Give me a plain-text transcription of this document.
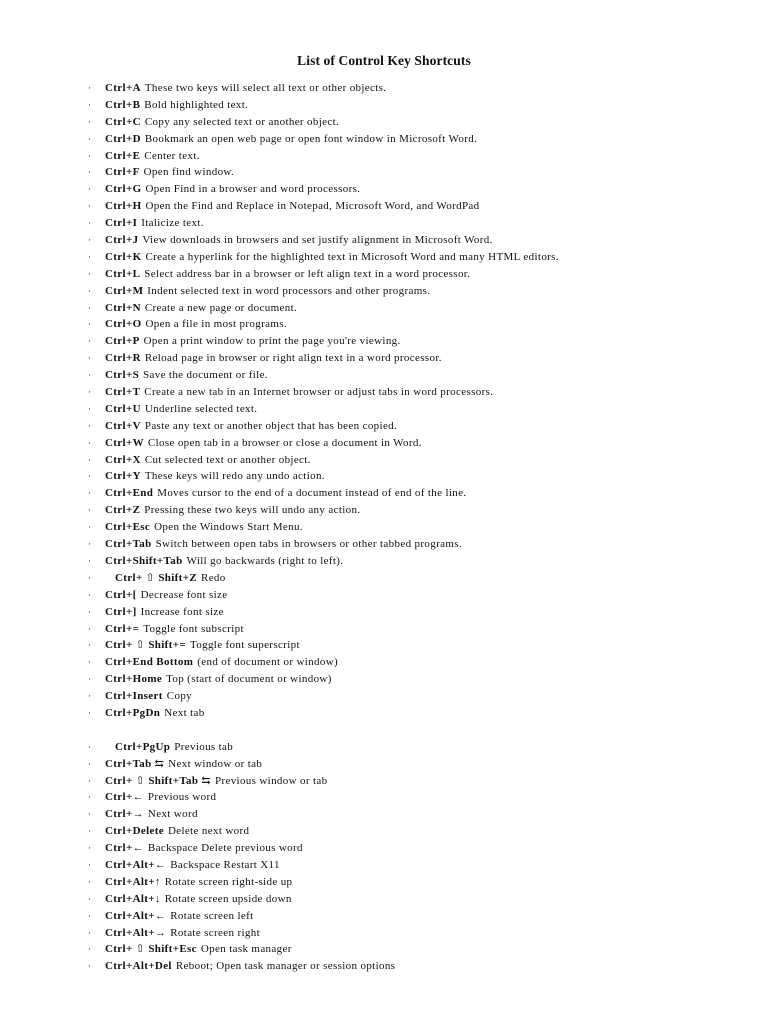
List of Control Key Shortcuts
· Ctrl+A These two keys will select all text or other objects.
· Ctrl+B Bold highlighted text.
· Ctrl+C Copy any selected text or another object.
· Ctrl+D Bookmark an open web page or open font window in Microsoft Word.
· Ctrl+E Center text.
· Ctrl+F Open find window.
· Ctrl+G Open Find in a browser and word processors.
· Ctrl+H Open the Find and Replace in Notepad, Microsoft Word, and WordPad
· Ctrl+I Italicize text.
· Ctrl+J View downloads in browsers and set justify alignment in Microsoft Word.
· Ctrl+K Create a hyperlink for the highlighted text in Microsoft Word and many HTML editors.
· Ctrl+L Select address bar in a browser or left align text in a word processor.
· Ctrl+M Indent selected text in word processors and other programs.
· Ctrl+N Create a new page or document.
· Ctrl+O Open a file in most programs.
· Ctrl+P Open a print window to print the page you're viewing.
· Ctrl+R Reload page in browser or right align text in a word processor.
· Ctrl+S Save the document or file.
· Ctrl+T Create a new tab in an Internet browser or adjust tabs in word processors.
· Ctrl+U Underline selected text.
· Ctrl+V Paste any text or another object that has been copied.
· Ctrl+W Close open tab in a browser or close a document in Word.
· Ctrl+X Cut selected text or another object.
· Ctrl+Y These keys will redo any undo action.
· Ctrl+End Moves cursor to the end of a document instead of end of the line.
· Ctrl+Z Pressing these two keys will undo any action.
· Ctrl+Esc Open the Windows Start Menu.
· Ctrl+Tab Switch between open tabs in browsers or other tabbed programs.
· Ctrl+Shift+Tab Will go backwards (right to left).
· Ctrl+ ⇧ Shift+Z Redo
· Ctrl+[ Decrease font size
· Ctrl+] Increase font size
· Ctrl+= Toggle font subscript
· Ctrl+ ⇧ Shift+= Toggle font superscript
· Ctrl+End Bottom (end of document or window)
· Ctrl+Home Top (start of document or window)
· Ctrl+Insert Copy
· Ctrl+PgDn Next tab
· Ctrl+PgUp Previous tab
· Ctrl+Tab ⇆ Next window or tab
· Ctrl+ ⇧ Shift+Tab ⇆ Previous window or tab
· Ctrl+← Previous word
· Ctrl+→ Next word
· Ctrl+Delete Delete next word
· Ctrl+← Backspace Delete previous word
· Ctrl+Alt+← Backspace Restart X11
· Ctrl+Alt+↑ Rotate screen right-side up
· Ctrl+Alt+↓ Rotate screen upside down
· Ctrl+Alt+← Rotate screen left
· Ctrl+Alt+→ Rotate screen right
· Ctrl+ ⇧ Shift+Esc Open task manager
· Ctrl+Alt+Del Reboot; Open task manager or session options
